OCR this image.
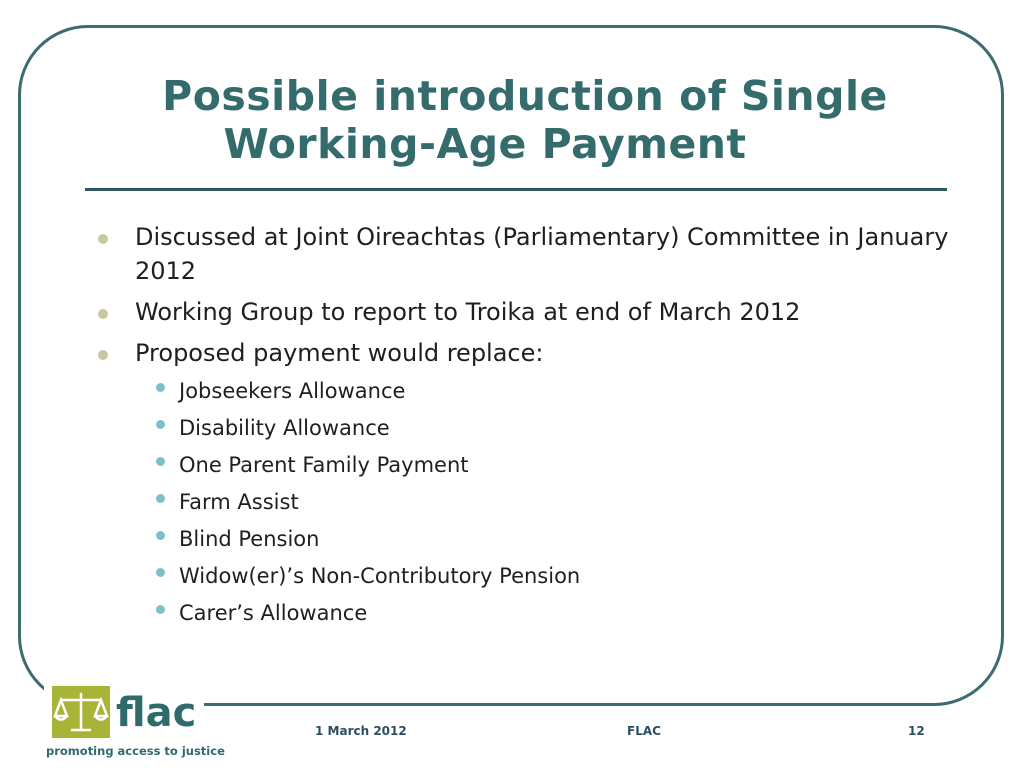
Possible introduction of Single
Working-Age Payment
Discussed at Joint Oireachtas (Parliamentary) Committee in January 2012
Working Group to report to Troika at end of March 2012
Proposed payment would replace:
Jobseekers Allowance
Disability Allowance
One Parent Family Payment
Farm Assist
Blind Pension
Widow(er)’s Non-Contributory Pension
Carer’s Allowance
flac
promoting access to justice
1 March 2012	FLAC	12
